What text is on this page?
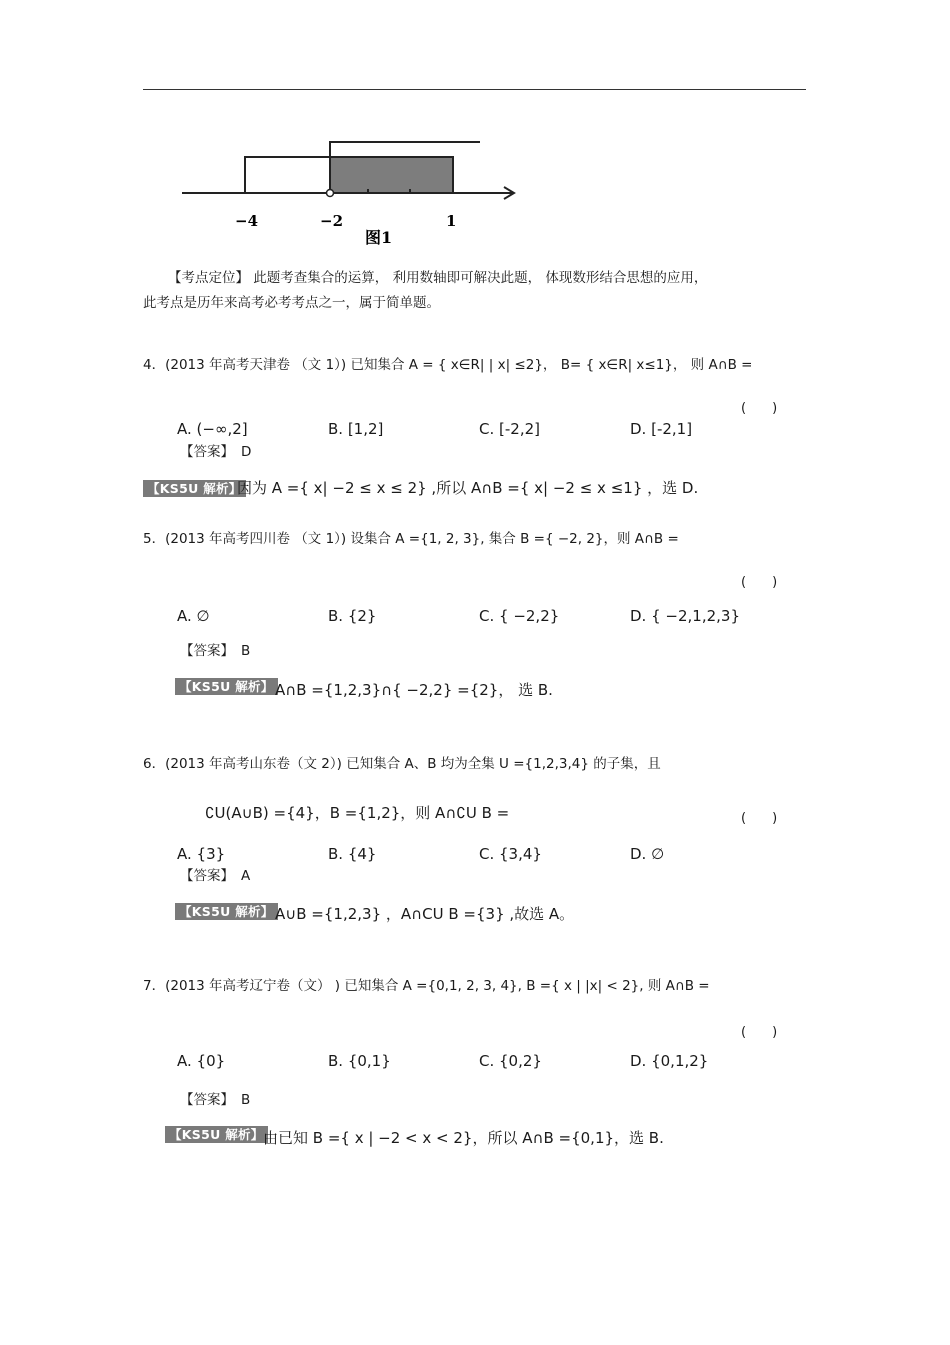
−4	−2	1
图1
【考点定位】 此题考查集合的运算， 利用数轴即可解决此题， 体现数形结合思想的应用，
此考点是历年来高考必考考点之一，属于简单题。
4．(2013 年高考天津卷 （文 1）) 已知集合 A = { x∈R| | x| ≤2}， B= { x∈R| x≤1}， 则 A∩B =
(　　)
A. (−∞,2]	B. [1,2]	C. [-2,2]	D. [-2,1]
【答案】 D
【KS5U 解析】
因为 A ={ x| −2 ≤ x ≤ 2} ,所以 A∩B ={ x| −2 ≤ x ≤1} ，选 D.
5．(2013 年高考四川卷 （文 1）) 设集合 A ={1, 2, 3}, 集合 B ={ −2, 2}，则 A∩B =
(　　)
A. ∅	B. {2}	C. { −2,2}	D. { −2,1,2,3}
【答案】 B
【KS5U 解析】 A∩B ={1,2,3}∩{ −2,2} ={2}， 选 B.
6．(2013 年高考山东卷（文 2）) 已知集合 A、B 均为全集 U ={1,2,3,4} 的子集，且
∁U(A∪B) ={4}，B ={1,2}，则 A∩∁U B =	(　　)
A. {3}	B. {4}	C. {3,4}	D. ∅
【答案】 A
【KS5U 解析】 A∪B ={1,2,3} ，A∩CU B ={3} ,故选 A。
7．(2013 年高考辽宁卷（文） ) 已知集合 A ={0,1, 2, 3, 4}, B ={ x | |x| < 2}, 则 A∩B =
(　　)
A. {0}	B. {0,1}	C. {0,2}	D. {0,1,2}
【答案】 B
【KS5U 解析】 由已知 B ={ x | −2 < x < 2}，所以 A∩B ={0,1}，选 B.
